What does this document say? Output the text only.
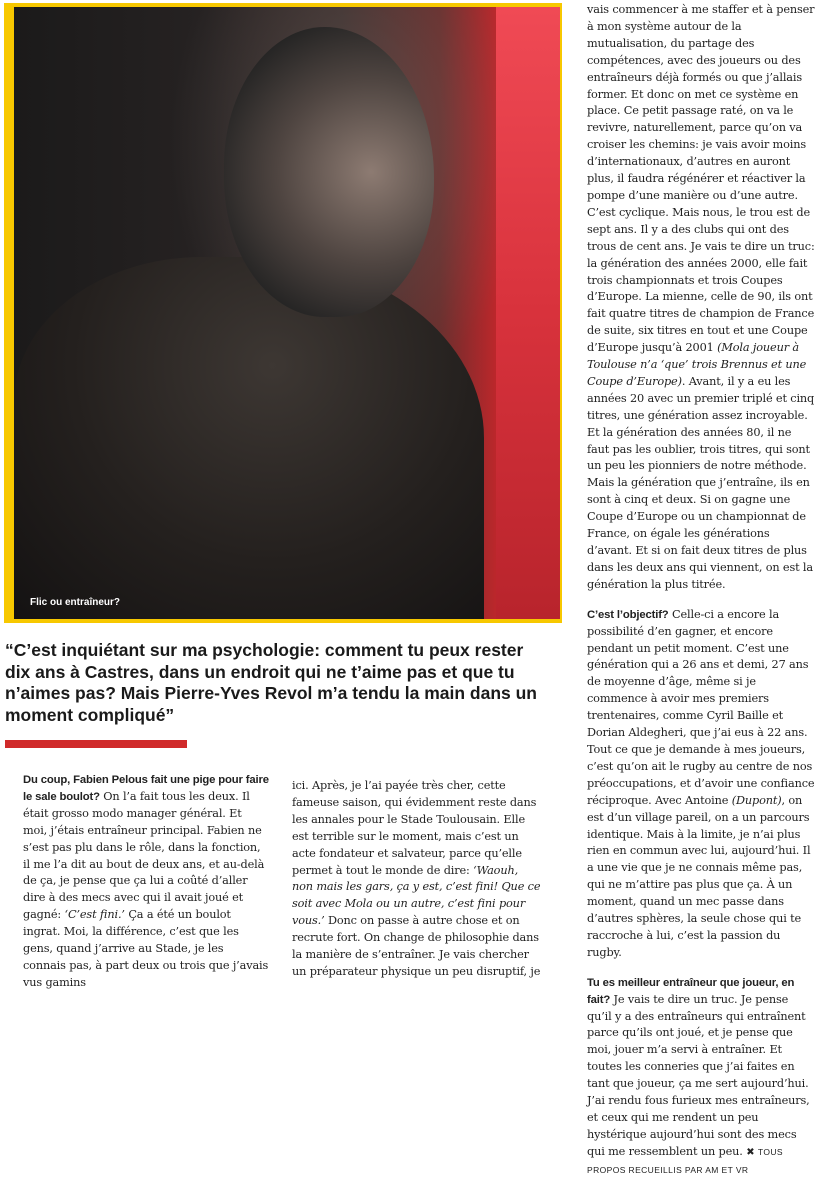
Flic ou entraîneur?
“C’est inquiétant sur ma psychologie: comment tu peux rester dix ans à Castres, dans un endroit qui ne t’aime pas et que tu n’aimes pas? Mais Pierre-Yves Revol m’a tendu la main dans un moment compliqué”

Du coup, Fabien Pelous fait une pige pour faire le sale boulot? On l’a fait tous les deux. Il était grosso modo manager général. Et moi, j’étais entraîneur principal. Fabien ne s’est pas plu dans le rôle, dans la fonction, il me l’a dit au bout de deux ans, et au-delà de ça, je pense que ça lui a coûté d’aller dire à des mecs avec qui il avait joué et gagné: ‘C’est fini.’ Ça a été un boulot ingrat. Moi, la différence, c’est que les gens, quand j’arrive au Stade, je les connais pas, à part deux ou trois que j’avais vus gamins

ici. Après, je l’ai payée très cher, cette fameuse saison, qui évidemment reste dans les annales pour le Stade Toulousain. Elle est terrible sur le moment, mais c’est un acte fondateur et salvateur, parce qu’elle permet à tout le monde de dire: ‘Waouh, non mais les gars, ça y est, c’est fini! Que ce soit avec Mola ou un autre, c’est fini pour vous.’ Donc on passe à autre chose et on recrute fort. On change de philosophie dans la manière de s’entraîner. Je vais chercher un préparateur physique un peu disruptif, je

vais commencer à me staffer et à penser à mon système autour de la mutualisation, du partage des compétences, avec des joueurs ou des entraîneurs déjà formés ou que j’allais former. Et donc on met ce système en place. Ce petit passage raté, on va le revivre, naturellement, parce qu’on va croiser les chemins: je vais avoir moins d’internationaux, d’autres en auront plus, il faudra régénérer et réactiver la pompe d’une manière ou d’une autre. C’est cyclique. Mais nous, le trou est de sept ans. Il y a des clubs qui ont des trous de cent ans. Je vais te dire un truc: la génération des années 2000, elle fait trois championnats et trois Coupes d’Europe. La mienne, celle de 90, ils ont fait quatre titres de champion de France de suite, six titres en tout et une Coupe d’Europe jusqu’à 2001 (Mola joueur à Toulouse n’a ‘que’ trois Brennus et une Coupe d’Europe). Avant, il y a eu les années 20 avec un premier triplé et cinq titres, une génération assez incroyable. Et la génération des années 80, il ne faut pas les oublier, trois titres, qui sont un peu les pionniers de notre méthode. Mais la génération que j’entraîne, ils en sont à cinq et deux. Si on gagne une Coupe d’Europe ou un championnat de France, on égale les générations d’avant. Et si on fait deux titres de plus dans les deux ans qui viennent, on est la génération la plus titrée.

C’est l’objectif? Celle-ci a encore la possibilité d’en gagner, et encore pendant un petit moment. C’est une génération qui a 26 ans et demi, 27 ans de moyenne d’âge, même si je commence à avoir mes premiers trentenaires, comme Cyril Baille et Dorian Aldegheri, que j’ai eus à 22 ans. Tout ce que je demande à mes joueurs, c’est qu’on ait le rugby au centre de nos préoccupations, et d’avoir une confiance réciproque. Avec Antoine (Dupont), on est d’un village pareil, on a un parcours identique. Mais à la limite, je n’ai plus rien en commun avec lui, aujourd’hui. Il a une vie que je ne connais même pas, qui ne m’attire pas plus que ça. À un moment, quand un mec passe dans d’autres sphères, la seule chose qui te raccroche à lui, c’est la passion du rugby.

Tu es meilleur entraîneur que joueur, en fait? Je vais te dire un truc. Je pense qu’il y a des entraîneurs qui entraînent parce qu’ils ont joué, et je pense que moi, jouer m’a servi à entraîner. Et toutes les conneries que j’ai faites en tant que joueur, ça me sert aujourd’hui. J’ai rendu fous furieux mes entraîneurs, et ceux qui me rendent un peu hystérique aujourd’hui sont des mecs qui me ressemblent un peu. ✖ TOUS PROPOS RECUEILLIS PAR AM ET VR
